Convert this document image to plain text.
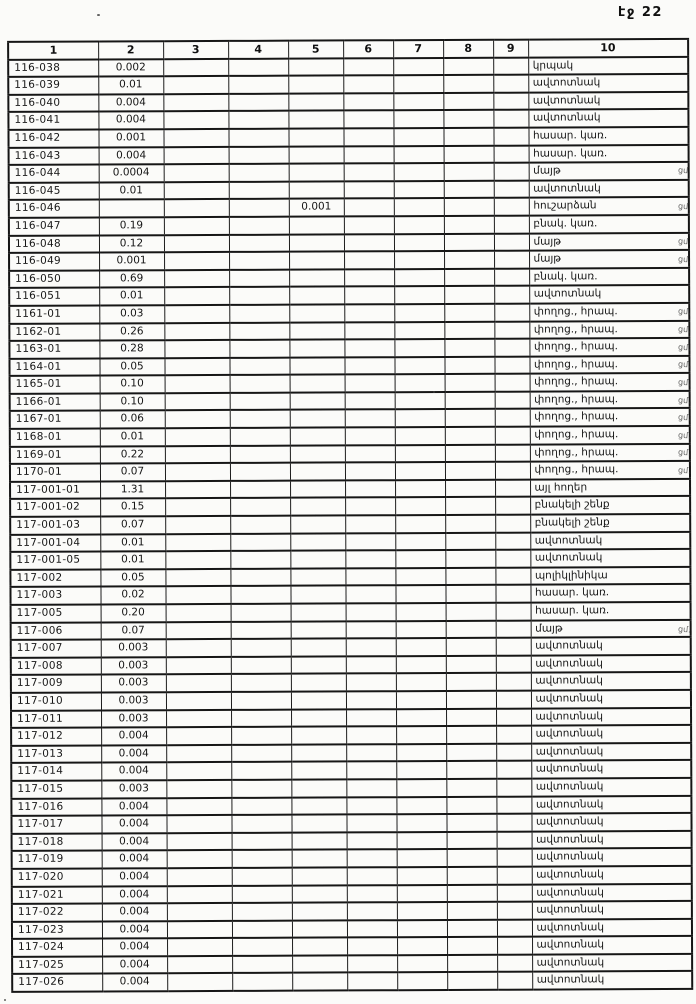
էջ 22
1	2	3	4	5	6	7	8	9	10
116-038	0.002								կրպակ
116-039	0.01								ավտոտնակ
116-040	0.004								ավտոտնակ
116-041	0.004								ավտոտնակ
116-042	0.001								հասար. կառ.
116-043	0.004								հասար. կառ.
116-044	0.0004								մայթ
116-045	0.01								ավտոտնակ
116-046				0.001					հուշարձան
116-047	0.19								բնակ. կառ.
116-048	0.12								մայթ
116-049	0.001								մայթ
116-050	0.69								բնակ. կառ.
116-051	0.01								ավտոտնակ
1161-01	0.03								փողոց., հրապ.
1162-01	0.26								փողոց., հրապ.
1163-01	0.28								փողոց., հրապ.
1164-01	0.05								փողոց., հրապ.
1165-01	0.10								փողոց., հրապ.
1166-01	0.10								փողոց., հրապ.
1167-01	0.06								փողոց., հրապ.
1168-01	0.01								փողոց., հրապ.
1169-01	0.22								փողոց., հրապ.
1170-01	0.07								փողոց., հրապ.
117-001-01	1.31								այլ հողեր
117-001-02	0.15								բնակելի շենք
117-001-03	0.07								բնակելի շենք
117-001-04	0.01								ավտոտնակ
117-001-05	0.01								ավտոտնակ
117-002	0.05								պոլիկլինիկա
117-003	0.02								հասար. կառ.
117-005	0.20								հասար. կառ.
117-006	0.07								մայթ
117-007	0.003								ավտոտնակ
117-008	0.003								ավտոտնակ
117-009	0.003								ավտոտնակ
117-010	0.003								ավտոտնակ
117-011	0.003								ավտոտնակ
117-012	0.004								ավտոտնակ
117-013	0.004								ավտոտնակ
117-014	0.004								ավտոտնակ
117-015	0.003								ավտոտնակ
117-016	0.004								ավտոտնակ
117-017	0.004								ավտոտնակ
117-018	0.004								ավտոտնակ
117-019	0.004								ավտոտնակ
117-020	0.004								ավտոտնակ
117-021	0.004								ավտոտնակ
117-022	0.004								ավտոտնակ
117-023	0.004								ավտոտնակ
117-024	0.004								ավտոտնակ
117-025	0.004								ավտոտնակ
117-026	0.004								ավտոտնակ
ցմ.
ցմ.
ցմ.
ցմ.
ցմ.
ցմ.
ցմ.
ցմ.
ցմ.
ցմ.
ցմ.
ցմ.
ցմ.
ցմ.
ցմ.
